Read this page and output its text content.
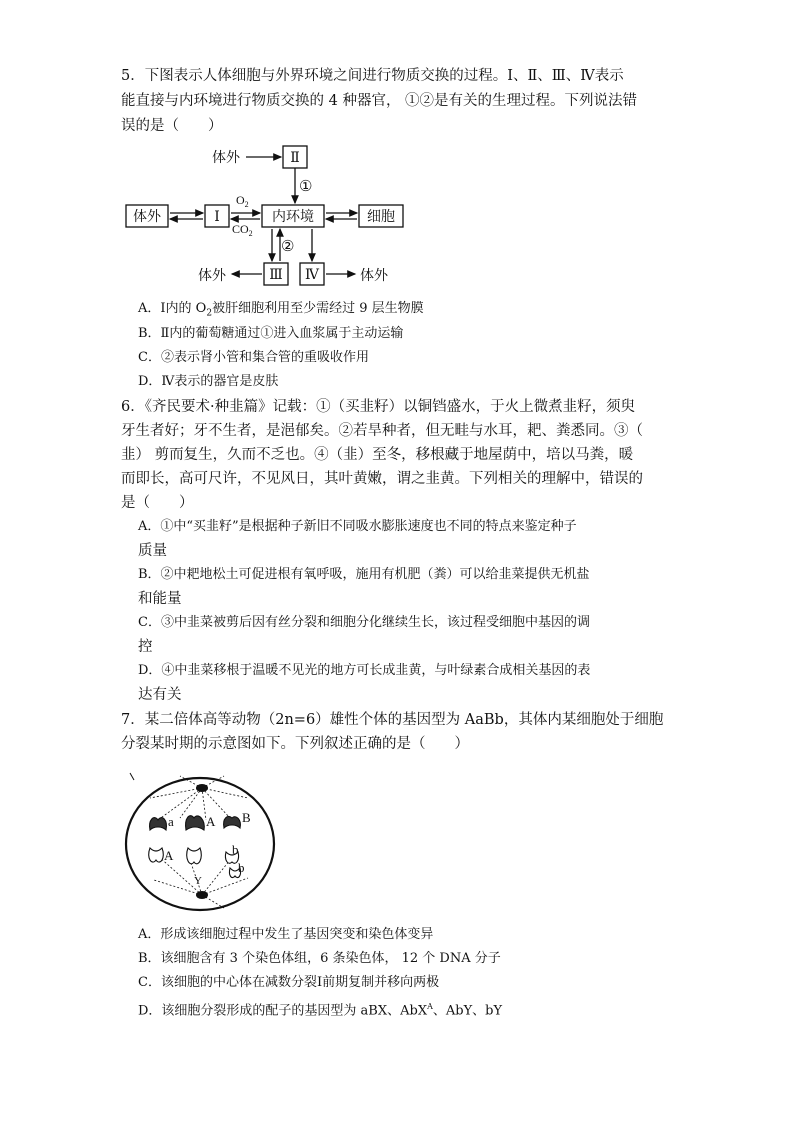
5．下图表示人体细胞与外界环境之间进行物质交换的过程。Ⅰ、Ⅱ、Ⅲ、Ⅳ表示
能直接与内环境进行物质交换的 4 种器官， ①②是有关的生理过程。下列说法错
误的是（　　）
体外	Ⅱ
①
体外	Ⅰ	内环境	细胞
$O_2$
$CO_2$
②
体外	Ⅲ Ⅳ	体外
A．Ⅰ内的 $O_2$被肝细胞利用至少需经过 9 层生物膜
B．Ⅱ内的葡萄糖通过①进入血浆属于主动运输
C．②表示肾小管和集合管的重吸收作用
D．Ⅳ表示的器官是皮肤
6．《齐民要术·种韭篇》记载：①（买韭籽）以铜铛盛水，于火上微煮韭籽，须臾
牙生者好；牙不生者，是浥郁矣。②若旱种者，但无畦与水耳，耙、粪悉同。③（
韭） 剪而复生，久而不乏也。④（韭）至冬，移根藏于地屋荫中，培以马粪，暖
而即长，高可尺许，不见风日，其叶黄嫩，谓之韭黄。下列相关的理解中，错误的
是（　　）
A．①中“买韭籽”是根据种子新旧不同吸水膨胀速度也不同的特点来鉴定种子
质量
B．②中耙地松土可促进根有氧呼吸，施用有机肥（粪）可以给韭菜提供无机盐
和能量
C．③中韭菜被剪后因有丝分裂和细胞分化继续生长，该过程受细胞中基因的调
控
D．④中韭菜移根于温暖不见光的地方可长成韭黄，与叶绿素合成相关基因的表
达有关
7．某二倍体高等动物（2n=6）雄性个体的基因型为 AaBb，其体内某细胞处于细胞
分裂某时期的示意图如下。下列叙述正确的是（　　）
a A B
A	b
b
Y
A．形成该细胞过程中发生了基因突变和染色体变异
B．该细胞含有 3 个染色体组，6 条染色体， 12 个 DNA 分子
C．该细胞的中心体在减数分裂Ⅰ前期复制并移向两极
D．该细胞分裂形成的配子的基因型为 aBX、AbX$^A$、AbY、bY
